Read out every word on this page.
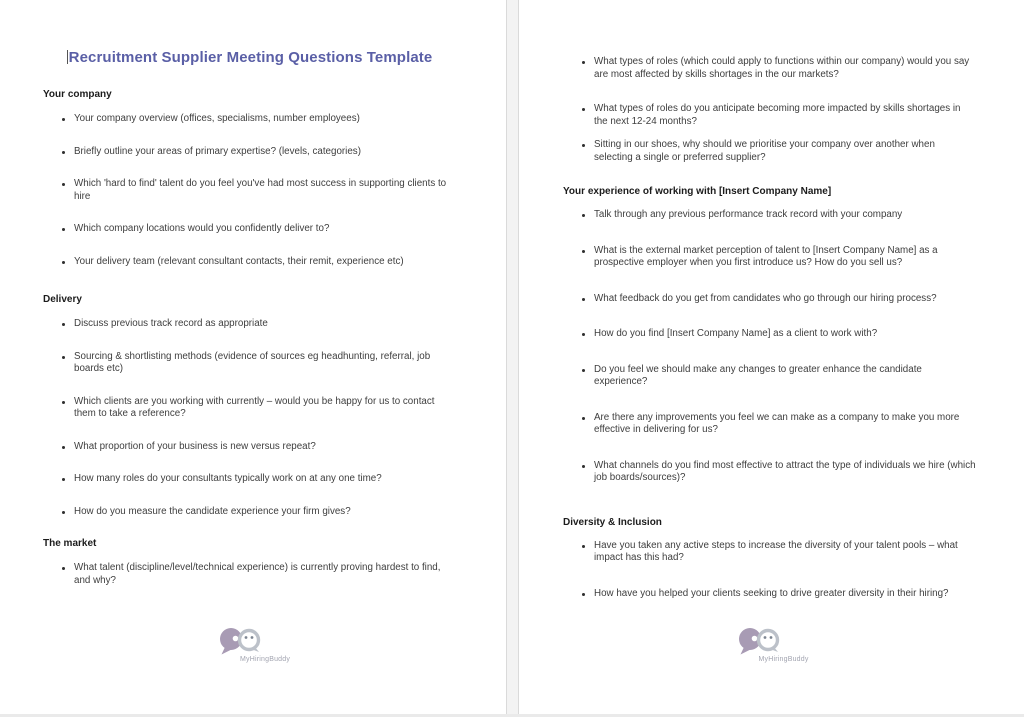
Recruitment Supplier Meeting Questions Template
Your company
Your company overview (offices, specialisms, number employees)
Briefly outline your areas of primary expertise? (levels, categories)
Which 'hard to find' talent do you feel you've had most success in supporting clients to hire
Which company locations would you confidently deliver to?
Your delivery team (relevant consultant contacts, their remit, experience etc)
Delivery
Discuss previous track record as appropriate
Sourcing & shortlisting methods (evidence of sources eg headhunting, referral, job boards etc)
Which clients are you working with currently – would you be happy for us to contact them to take a reference?
What proportion of your business is new versus repeat?
How many roles do your consultants typically work on at any one time?
How do you measure the candidate experience your firm gives?
The market
What talent (discipline/level/technical experience) is currently proving hardest to find, and why?
MyHiringBuddy
What types of roles (which could apply to functions within our company) would you say are most affected by skills shortages in the our markets?
What types of roles do you anticipate becoming more impacted by skills shortages in the next 12-24 months?
Sitting in our shoes, why should we prioritise your company over another when selecting a single or preferred supplier?
Your experience of working with [Insert Company Name]
Talk through any previous performance track record with your company
What is the external market perception of talent to [Insert Company Name] as a prospective employer when you first introduce us? How do you sell us?
What feedback do you get from candidates who go through our hiring process?
How do you find [Insert Company Name] as a client to work with?
Do you feel we should make any changes to greater enhance the candidate experience?
Are there any improvements you feel we can make as a company to make you more effective in delivering for us?
What channels do you find most effective to attract the type of individuals we hire (which job boards/sources)?
Diversity & Inclusion
Have you taken any active steps to increase the diversity of your talent pools – what impact has this had?
How have you helped your clients seeking to drive greater diversity in their hiring?
MyHiringBuddy
